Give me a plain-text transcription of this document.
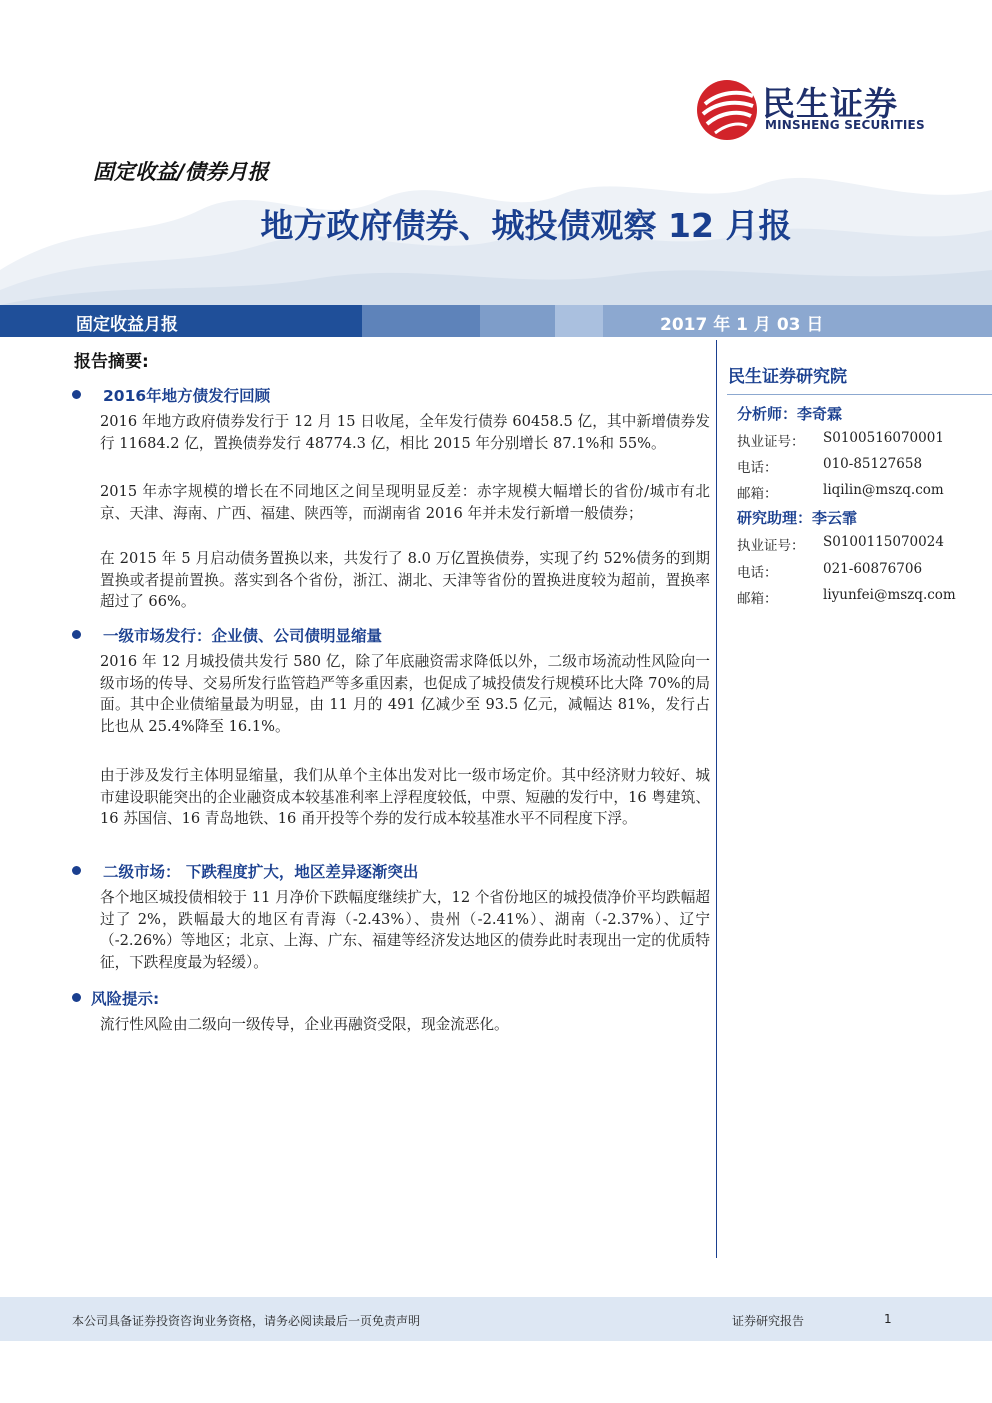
民生证券
MINSHENG SECURITIES
固定收益/债券月报
地方政府债券、城投债观察 12 月报
固定收益月报	2017 年 1 月 03 日
报告摘要:
2016年地方债发行回顾
2016 年地方政府债券发行于 12 月 15 日收尾，全年发行债券 60458.5 亿，其中新增债券发行 11684.2 亿，置换债券发行 48774.3 亿，相比 2015 年分别增长 87.1%和 55%。
2015 年赤字规模的增长在不同地区之间呈现明显反差：赤字规模大幅增长的省份/城市有北京、天津、海南、广西、福建、陕西等，而湖南省 2016 年并未发行新增一般债券；
在 2015 年 5 月启动债务置换以来，共发行了 8.0 万亿置换债券，实现了约 52%债务的到期置换或者提前置换。落实到各个省份，浙江、湖北、天津等省份的置换进度较为超前，置换率超过了 66%。
一级市场发行：企业债、公司债明显缩量
2016 年 12 月城投债共发行 580 亿，除了年底融资需求降低以外，二级市场流动性风险向一级市场的传导、交易所发行监管趋严等多重因素，也促成了城投债发行规模环比大降 70%的局面。其中企业债缩量最为明显，由 11 月的 491 亿减少至 93.5 亿元，减幅达 81%，发行占比也从 25.4%降至 16.1%。
由于涉及发行主体明显缩量，我们从单个主体出发对比一级市场定价。其中经济财力较好、城市建设职能突出的企业融资成本较基准利率上浮程度较低，中票、短融的发行中，16 粤建筑、16 苏国信、16 青岛地铁、16 甬开投等个券的发行成本较基准水平不同程度下浮。
二级市场： 下跌程度扩大，地区差异逐渐突出
各个地区城投债相较于 11 月净价下跌幅度继续扩大，12 个省份地区的城投债净价平均跌幅超过了 2%，跌幅最大的地区有青海（-2.43%）、贵州（-2.41%）、湖南（-2.37%）、辽宁（-2.26%）等地区；北京、上海、广东、福建等经济发达地区的债券此时表现出一定的优质特征，下跌程度最为轻缓）。
风险提示:
流行性风险由二级向一级传导，企业再融资受限，现金流恶化。
民生证券研究院
分析师：李奇霖
执业证号： S0100516070001
电话：	010-85127658
邮箱：	liqilin@mszq.com
研究助理：李云霏
执业证号： S0100115070024
电话：	021-60876706
邮箱：	liyunfei@mszq.com
本公司具备证券投资咨询业务资格，请务必阅读最后一页免责声明	证券研究报告	1
